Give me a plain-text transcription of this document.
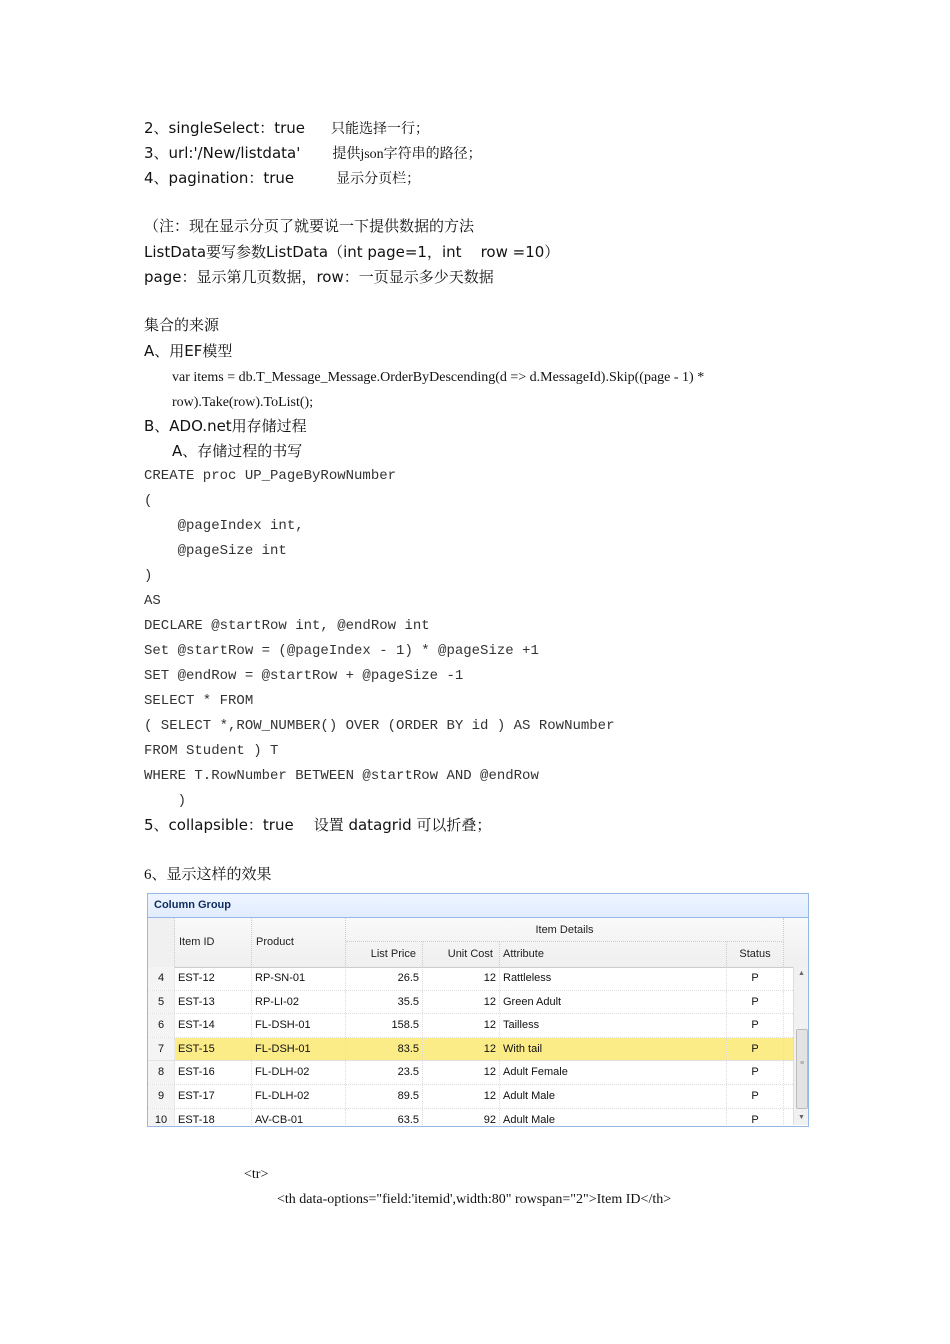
2、singleSelect：true 只能选择一行；
3、url:'/New/listdata' 提供json字符串的路径；
4、pagination：true	显示分页栏；
（注：现在显示分页了就要说一下提供数据的方法
ListData要写参数ListData（int page=1，int    row =10）
page：显示第几页数据，row：一页显示多少天数据
集合的来源
A、用EF模型
var items = db.T_Message_Message.OrderByDescending(d => d.MessageId).Skip((page - 1) *
row).Take(row).ToList();
B、ADO.net用存储过程
A、存储过程的书写
CREATE proc UP_PageByRowNumber
(
@pageIndex int,
@pageSize int
)
AS
DECLARE @startRow int, @endRow int
Set @startRow = (@pageIndex - 1) * @pageSize +1
SET @endRow = @startRow + @pageSize -1
SELECT * FROM
( SELECT *,ROW_NUMBER() OVER (ORDER BY id ) AS RowNumber
FROM Student ) T
WHERE T.RowNumber BETWEEN @startRow AND @endRow
)
5、collapsible：true 设置 datagrid 可以折叠；
6、显示这样的效果
Column Group
Item ID	Product
Item Details
List Price	Unit Cost Attribute	Status
4	EST-12	RP-SN-01	26.5	12 Rattleless	P
5	EST-13	RP-LI-02	35.5	12 Green Adult	P
6	EST-14	FL-DSH-01	158.5	12 Tailless	P
7	EST-15	FL-DSH-01	83.5	12 With tail	P
8	EST-16	FL-DLH-02	23.5	12 Adult Female	P
9	EST-17	FL-DLH-02	89.5	12 Adult Male	P
10 EST-18	AV-CB-01	63.5	92 Adult Male	P
▲
≡
▼
<tr>
<th data-options="field:'itemid',width:80" rowspan="2">Item ID</th>
